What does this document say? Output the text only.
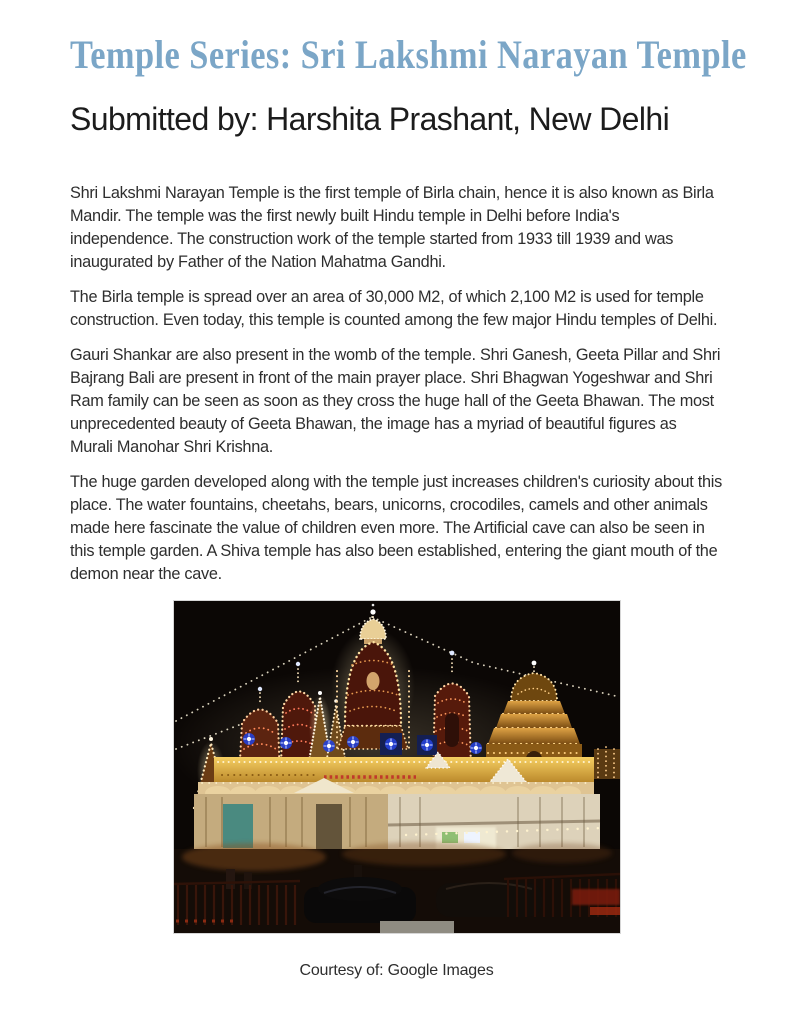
Temple Series: Sri Lakshmi Narayan Temple
Submitted by: Harshita Prashant, New Delhi

Shri Lakshmi Narayan Temple is the first temple of Birla chain, hence it is also known as Birla Mandir. The temple was the first newly built Hindu temple in Delhi before India's independence. The construction work of the temple started from 1933 till 1939 and was inaugurated by Father of the Nation Mahatma Gandhi.

The Birla temple is spread over an area of 30,000 M2, of which 2,100 M2 is used for temple construction. Even today, this temple is counted among the few major Hindu temples of Delhi.

Gauri Shankar are also present in the womb of the temple. Shri Ganesh, Geeta Pillar and Shri Bajrang Bali are present in front of the main prayer place. Shri Bhagwan Yogeshwar and Shri Ram family can be seen as soon as they cross the huge hall of the Geeta Bhawan. The most unprecedented beauty of Geeta Bhawan, the image has a myriad of beautiful figures as Murali Manohar Shri Krishna.

The huge garden developed along with the temple just increases children's curiosity about this place. The water fountains, cheetahs, bears, unicorns, crocodiles, camels and other animals made here fascinate the value of children even more. The Artificial cave can also be seen in this temple garden. A Shiva temple has also been established, entering the giant mouth of the demon near the cave.

Courtesy of: Google Images
